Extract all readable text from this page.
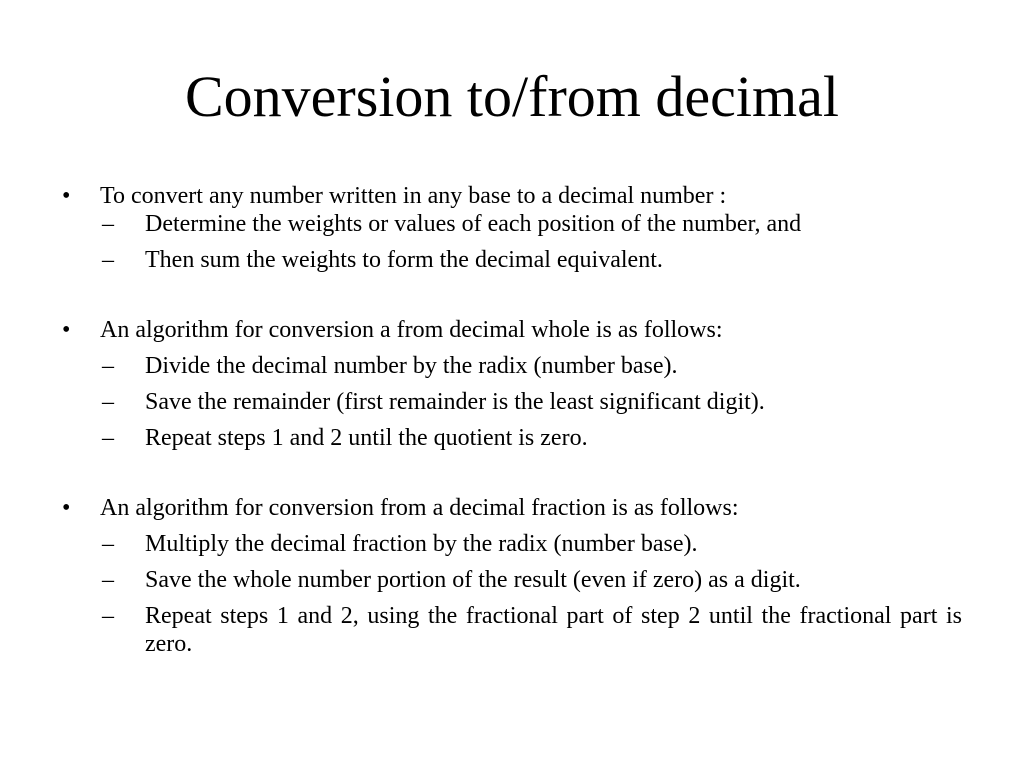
Conversion to/from decimal
•	To convert any number written in any base to a decimal number :
–	Determine the weights or values of each position of the number, and
–	Then sum the weights to form the decimal equivalent.
•	An algorithm for conversion a from decimal whole is as follows:
–	Divide the decimal number by the radix (number base).
–	Save the remainder (first remainder is the least significant digit).
–	Repeat steps 1 and 2 until the quotient is zero.
•	An algorithm for conversion from a decimal fraction is as follows:
–	Multiply the decimal fraction by the radix (number base).
–	Save the whole number portion of the result (even if zero) as a digit.
–	Repeat steps 1 and 2, using the fractional part of step 2 until the fractional part is zero.
